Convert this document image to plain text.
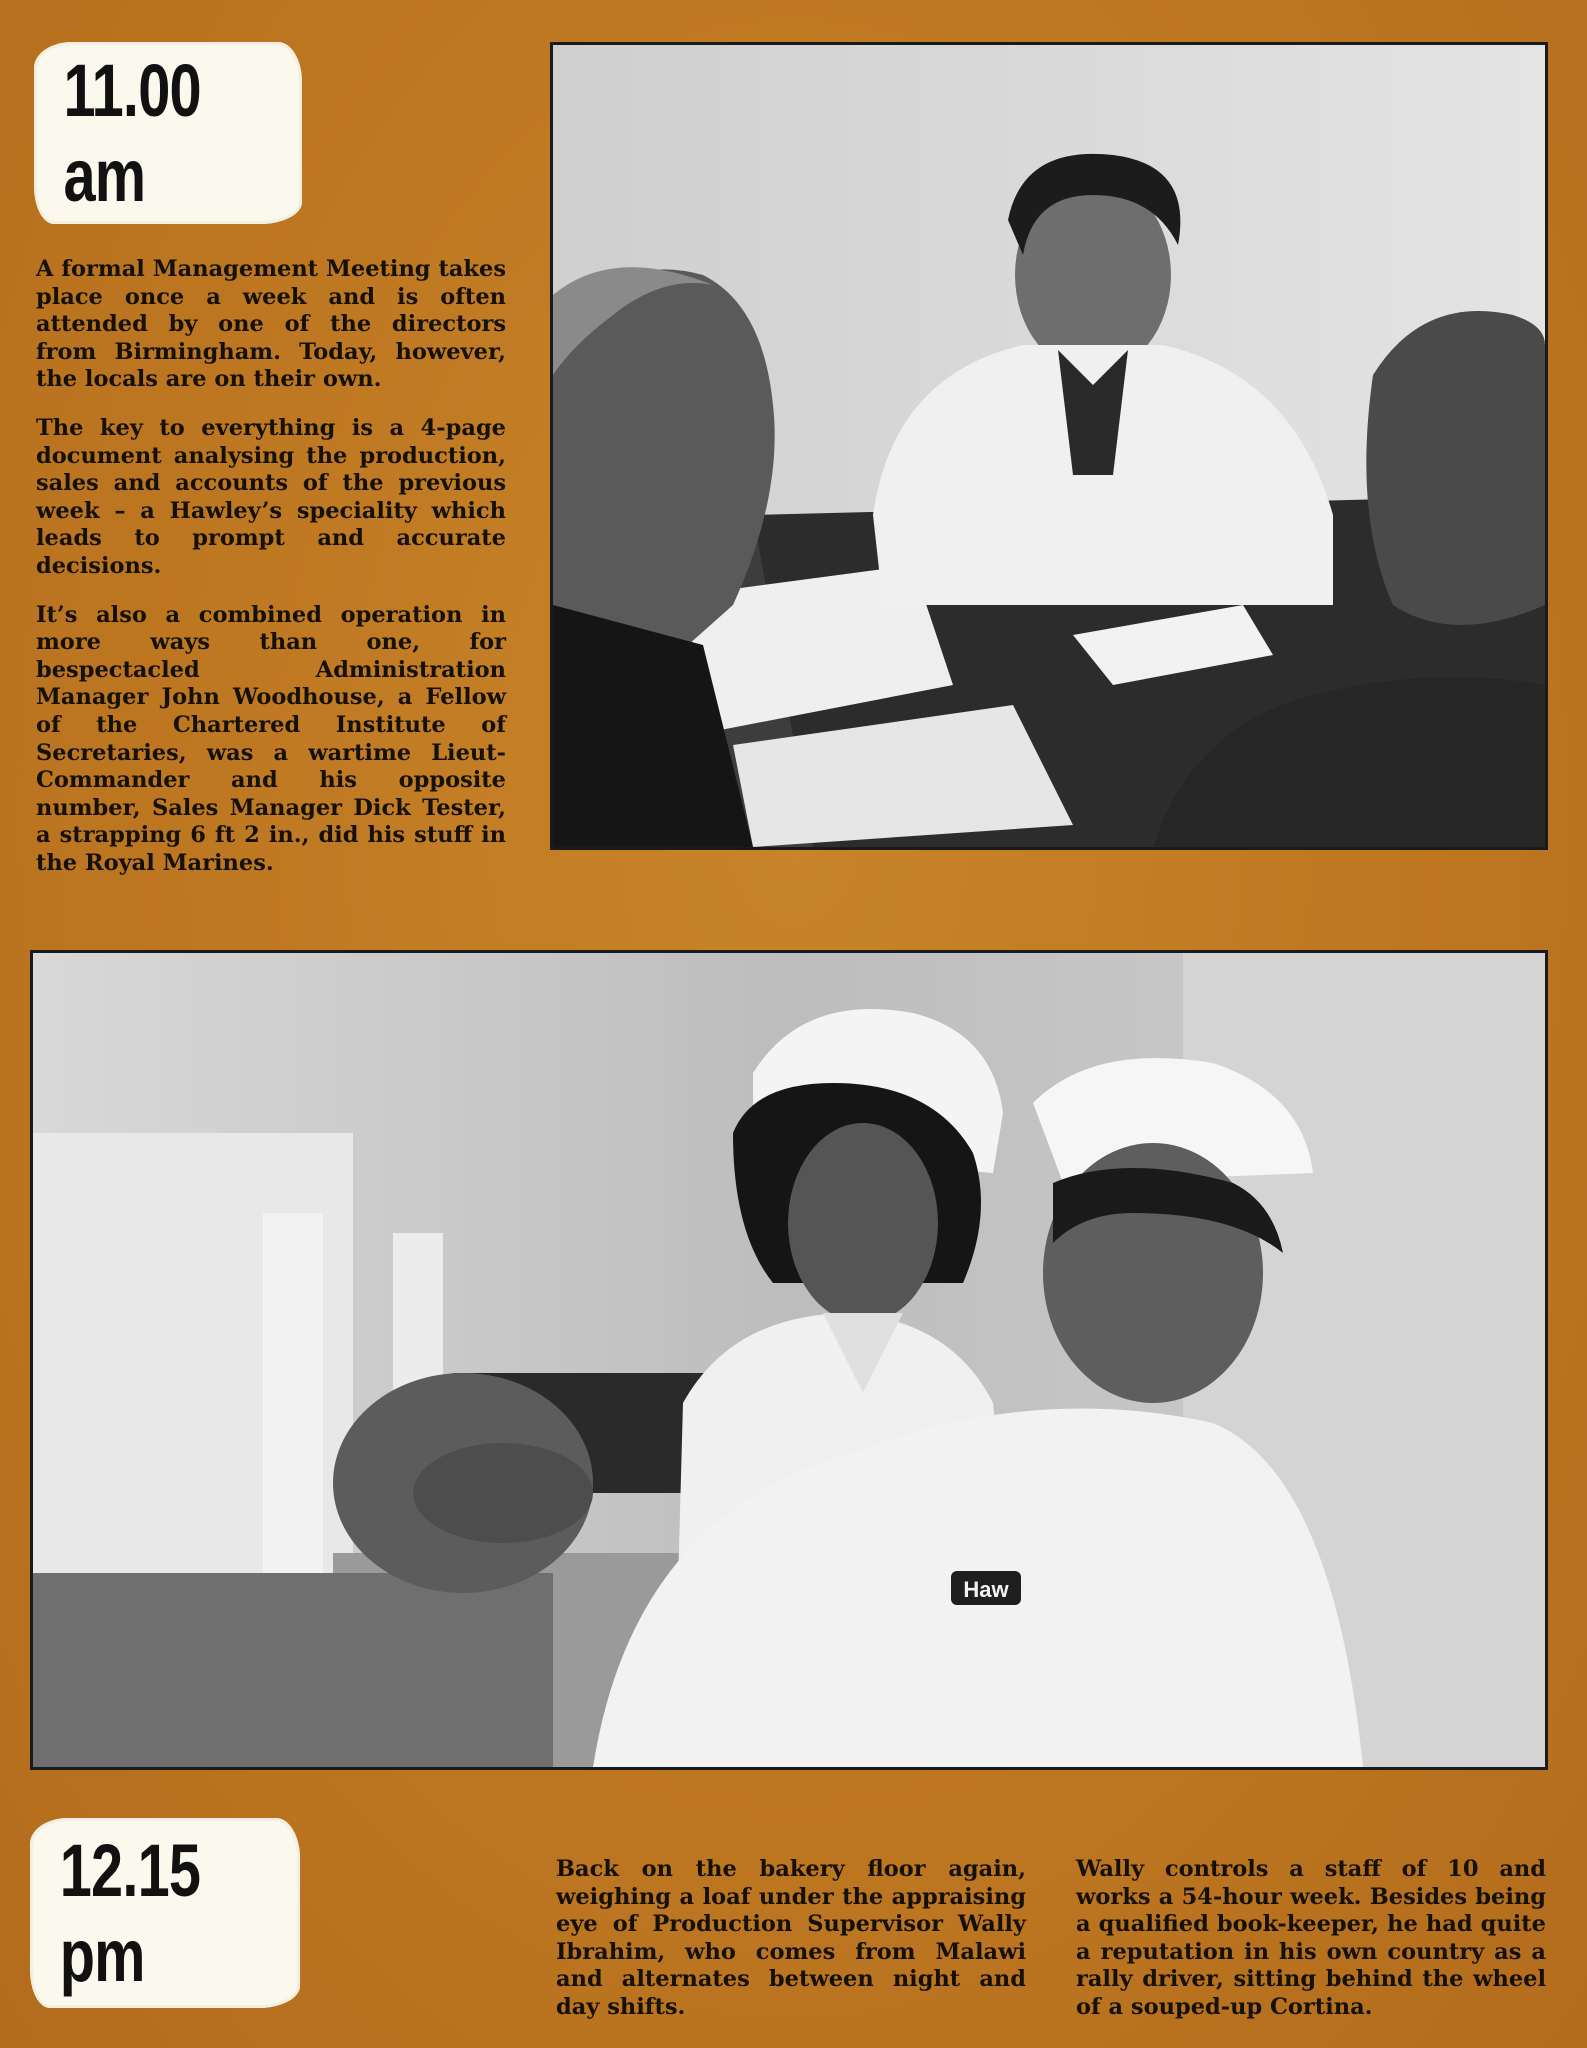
11.00 am

A formal Management Meeting takes place once a week and is often attended by one of the directors from Birmingham. Today, however, the locals are on their own.

The key to everything is a 4-page document analysing the production, sales and accounts of the previous week – a Hawley’s speciality which leads to prompt and accurate decisions.

It’s also a combined operation in more ways than one, for bespectacled Administration Manager John Woodhouse, a Fellow of the Chartered Institute of Secretaries, was a wartime Lieut-Commander and his opposite number, Sales Manager Dick Tester, a strapping 6 ft 2 in., did his stuff in the Royal Marines.

Haw
12.15 pm

Back on the bakery floor again, weighing a loaf under the appraising eye of Production Supervisor Wally Ibrahim, who comes from Malawi and alternates between night and day shifts.

Wally controls a staff of 10 and works a 54-hour week. Besides being a qualified book-keeper, he had quite a reputation in his own country as a rally driver, sitting behind the wheel of a souped-up Cortina.
